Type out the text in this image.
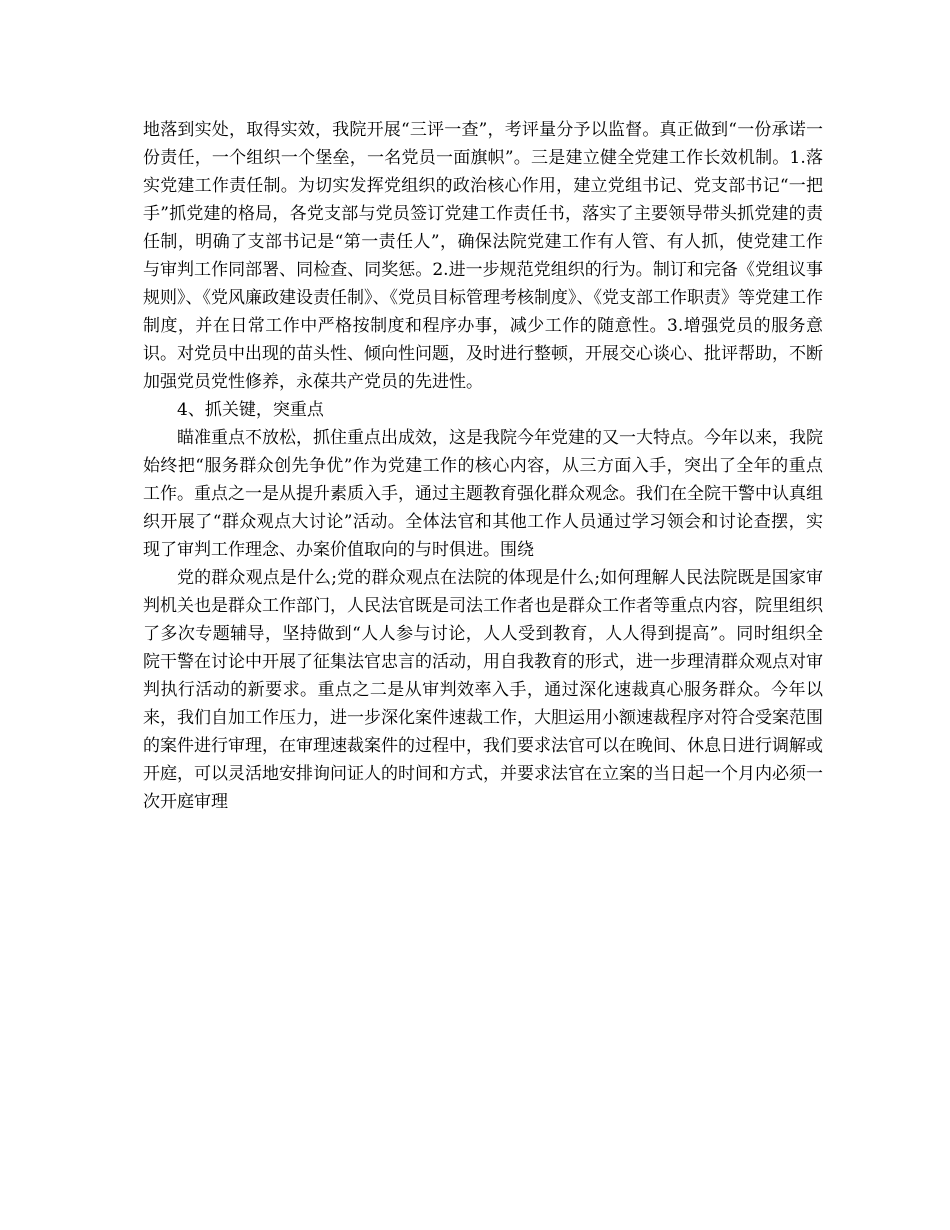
地落到实处，取得实效，我院开展“三评一查”，考评量分予以监督。真正做到“一份承诺一份责任，一个组织一个堡垒，一名党员一面旗帜”。三是建立健全党建工作长效机制。1.落实党建工作责任制。为切实发挥党组织的政治核心作用，建立党组书记、党支部书记“一把手”抓党建的格局，各党支部与党员签订党建工作责任书，落实了主要领导带头抓党建的责任制，明确了支部书记是“第一责任人”，确保法院党建工作有人管、有人抓，使党建工作与审判工作同部署、同检查、同奖惩。2.进一步规范党组织的行为。制订和完备《党组议事规则》、《党风廉政建设责任制》、《党员目标管理考核制度》、《党支部工作职责》等党建工作制度，并在日常工作中严格按制度和程序办事，减少工作的随意性。3.增强党员的服务意识。对党员中出现的苗头性、倾向性问题，及时进行整顿，开展交心谈心、批评帮助，不断加强党员党性修养，永葆共产党员的先进性。

4、抓关键，突重点

瞄准重点不放松，抓住重点出成效，这是我院今年党建的又一大特点。今年以来，我院始终把“服务群众创先争优”作为党建工作的核心内容，从三方面入手，突出了全年的重点工作。重点之一是从提升素质入手，通过主题教育强化群众观念。我们在全院干警中认真组织开展了“群众观点大讨论”活动。全体法官和其他工作人员通过学习领会和讨论查摆，实现了审判工作理念、办案价值取向的与时俱进。围绕

党的群众观点是什么;党的群众观点在法院的体现是什么;如何理解人民法院既是国家审判机关也是群众工作部门，人民法官既是司法工作者也是群众工作者等重点内容，院里组织了多次专题辅导，坚持做到“人人参与讨论，人人受到教育，人人得到提高”。同时组织全院干警在讨论中开展了征集法官忠言的活动，用自我教育的形式，进一步理清群众观点对审判执行活动的新要求。重点之二是从审判效率入手，通过深化速裁真心服务群众。今年以来，我们自加工作压力，进一步深化案件速裁工作，大胆运用小额速裁程序对符合受案范围的案件进行审理，在审理速裁案件的过程中，我们要求法官可以在晚间、休息日进行调解或开庭，可以灵活地安排询问证人的时间和方式，并要求法官在立案的当日起一个月内必须一次开庭审理
